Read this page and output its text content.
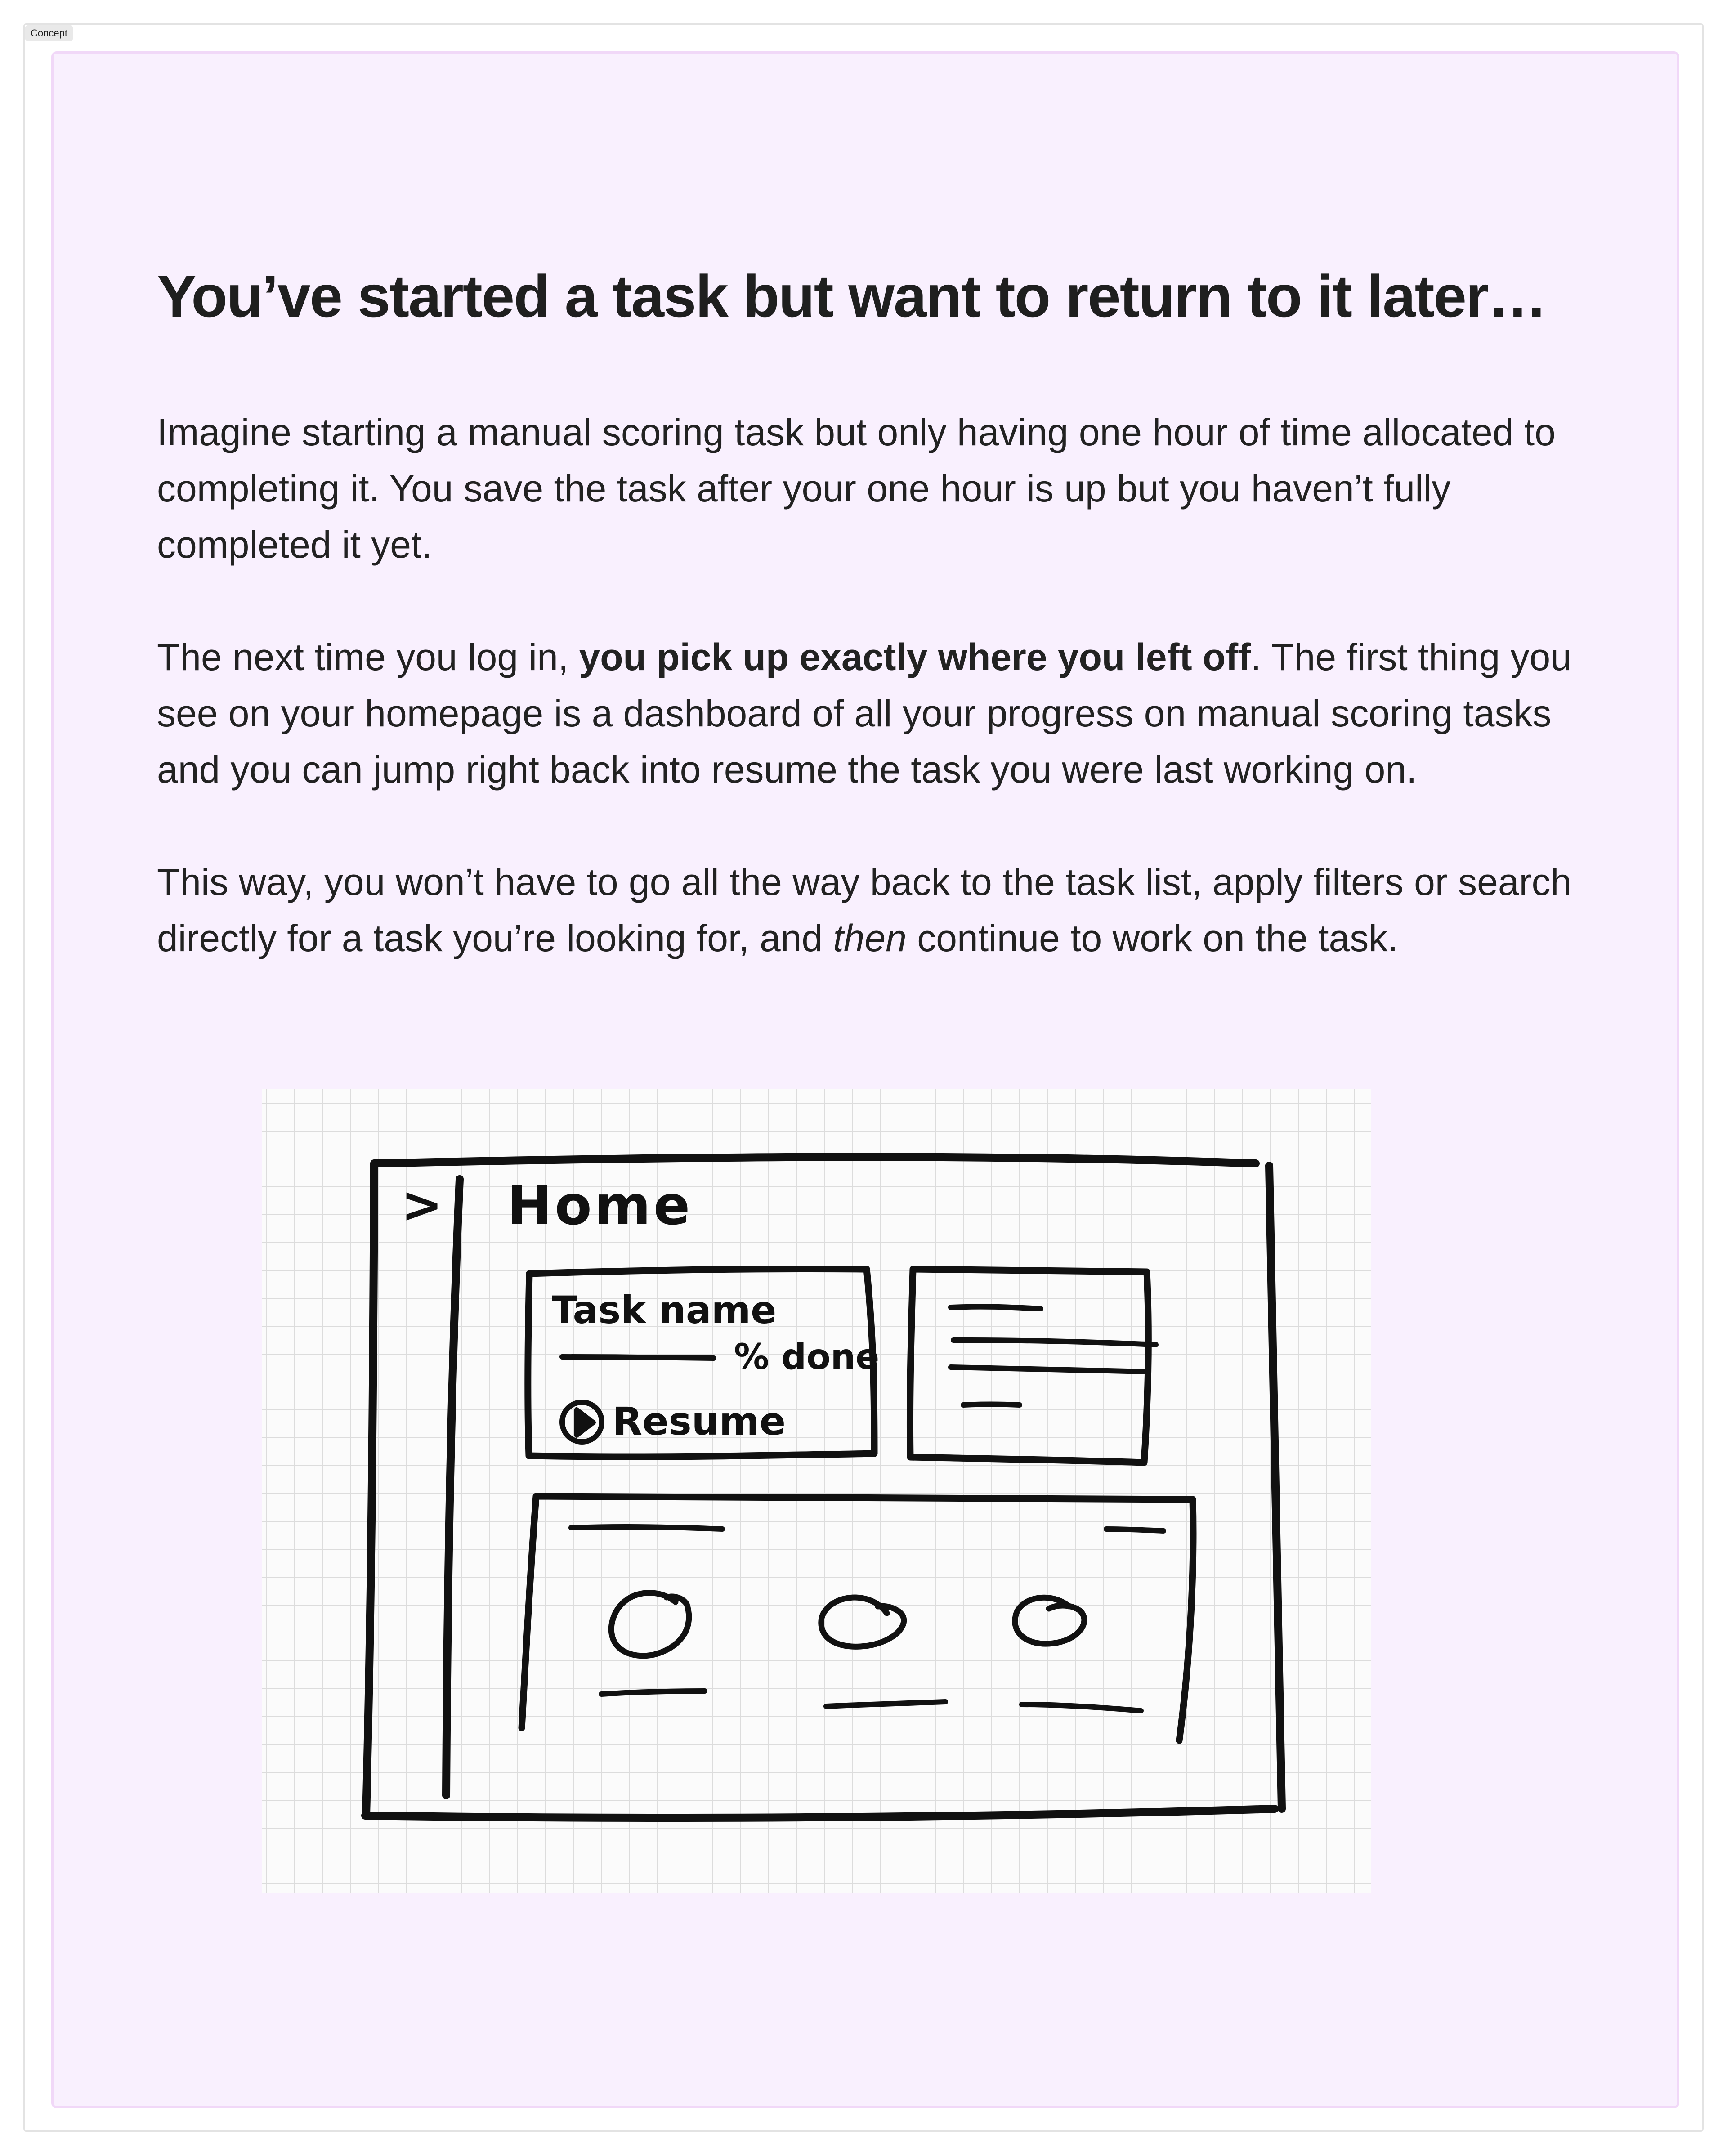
Concept
You’ve started a task but want to return to it later…

Imagine starting a manual scoring task but only having one hour of time allocated to completing it. You save the task after your one hour is up but you haven’t fully completed it yet.

The next time you log in, you pick up exactly where you left off. The first thing you see on your homepage is a dashboard of all your progress on manual scoring tasks and you can jump right back into resume the task you were last working on.

This way, you won’t have to go all the way back to the task list, apply filters or search directly for a task you’re looking for, and then continue to work on the task.

> Home
Task name
% done
Resume
